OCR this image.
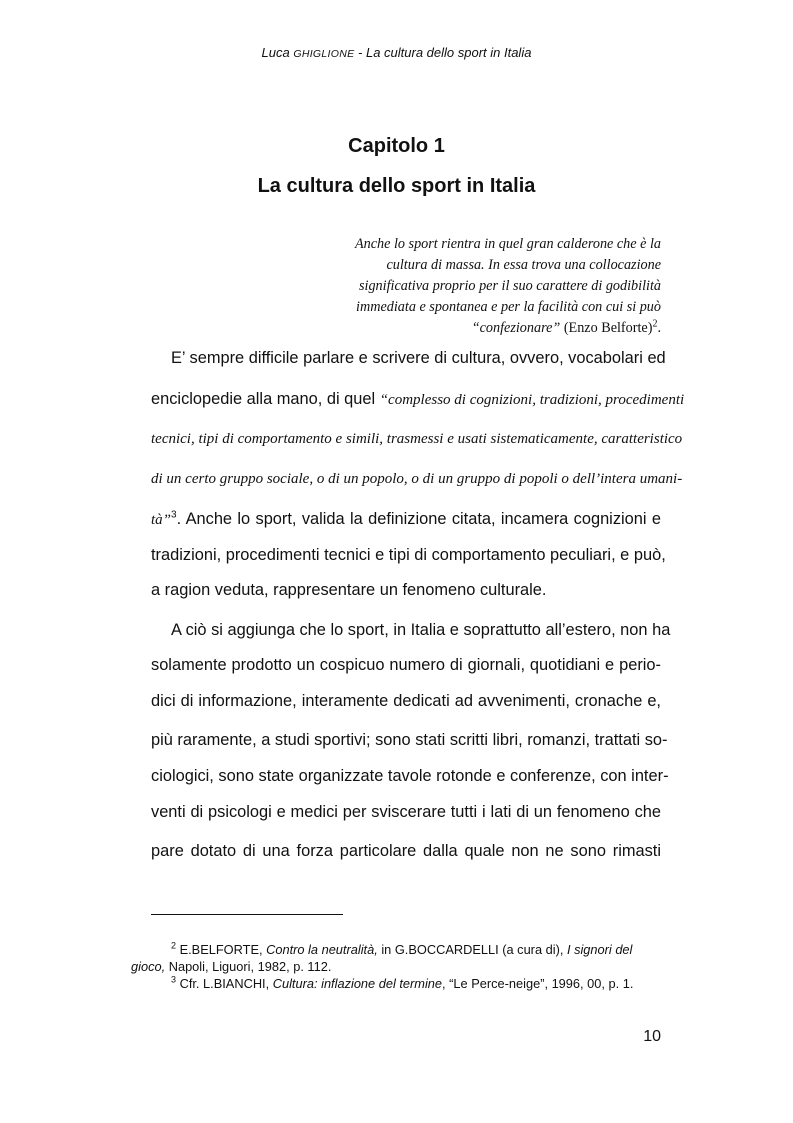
Luca GHIGLIONE - La cultura dello sport in Italia
Capitolo 1
La cultura dello sport in Italia
Anche lo sport rientra in quel gran calderone che è la
cultura di massa. In essa trova una collocazione
significativa proprio per il suo carattere di godibilità
immediata e spontanea e per la facilità con cui si può
“confezionare” (Enzo Belforte)$^2$.
E’ sempre difficile parlare e scrivere di cultura, ovvero, vocabolari ed
enciclopedie alla mano, di quel “complesso di cognizioni, tradizioni, procedimenti
tecnici, tipi di comportamento e simili, trasmessi e usati sistematicamente, caratteristico
di un certo gruppo sociale, o di un popolo, o di un gruppo di popoli o dell’intera umani-
tà”$^3$. Anche lo sport, valida la definizione citata, incamera cognizioni e
tradizioni, procedimenti tecnici e tipi di comportamento peculiari, e può,
a ragion veduta, rappresentare un fenomeno culturale.
A ciò si aggiunga che lo sport, in Italia e soprattutto all’estero, non ha
solamente prodotto un cospicuo numero di giornali, quotidiani e perio-
dici di informazione, interamente dedicati ad avvenimenti, cronache e,
più raramente, a studi sportivi; sono stati scritti libri, romanzi, trattati so-
ciologici, sono state organizzate tavole rotonde e conferenze, con inter-
venti di psicologi e medici per sviscerare tutti i lati di un fenomeno che
pare dotato di una forza particolare dalla quale non ne sono rimasti
$^2$ E.BELFORTE, Contro la neutralità, in G.BOCCARDELLI (a cura di), I signori del
gioco, Napoli, Liguori, 1982, p. 112.
$^3$ Cfr. L.BIANCHI, Cultura: inflazione del termine, “Le Perce-neige”, 1996, 00, p. 1.
10
